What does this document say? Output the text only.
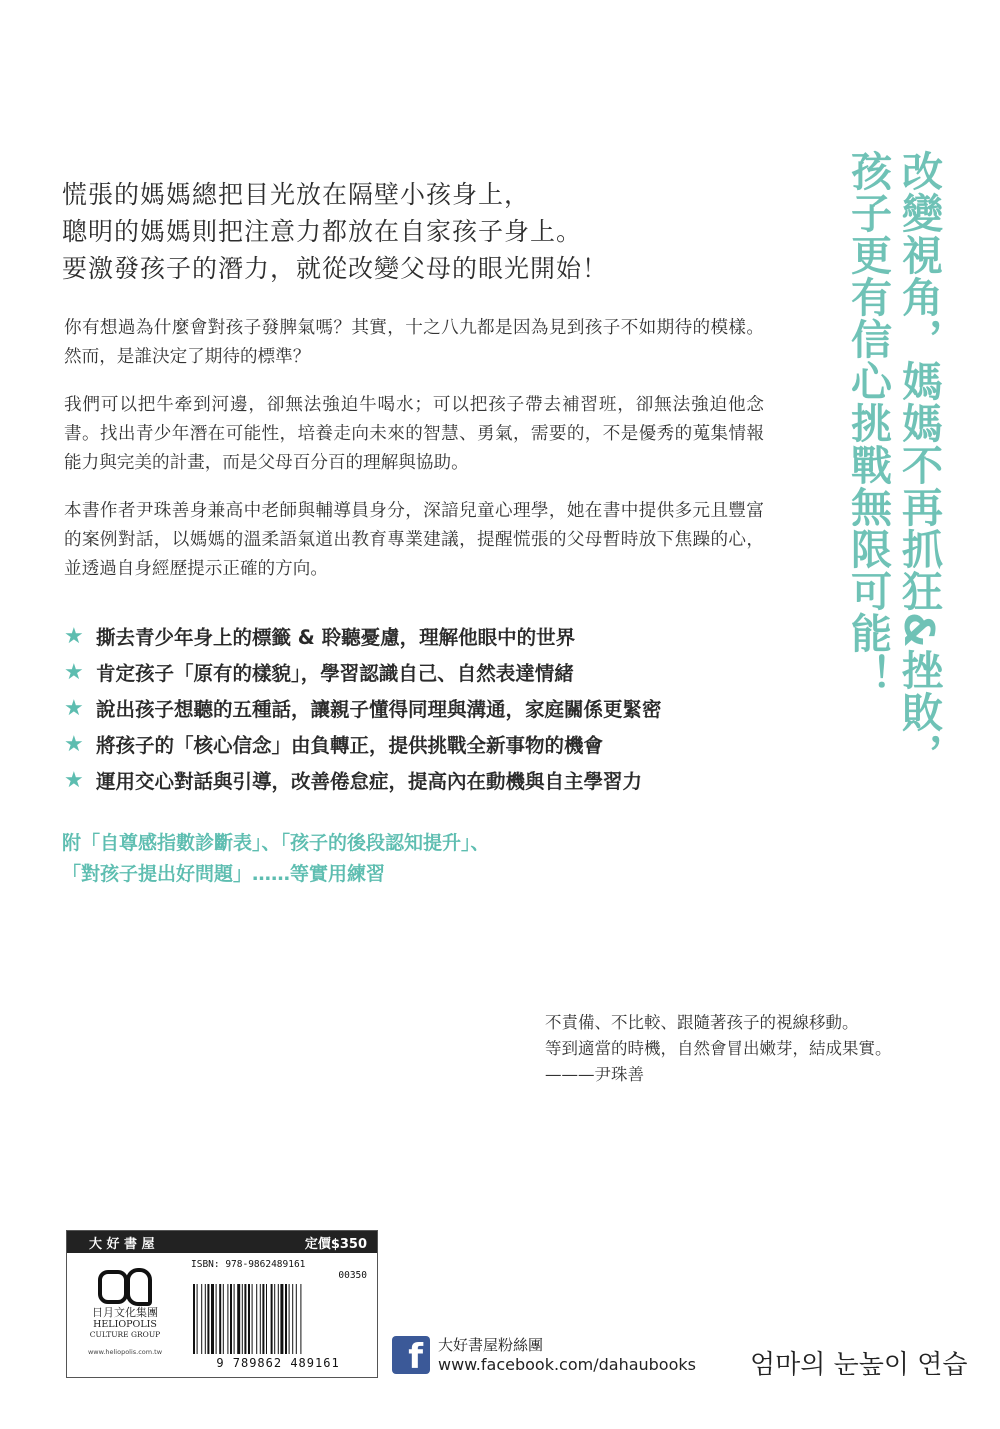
慌張的媽媽總把目光放在隔壁小孩身上，
聰明的媽媽則把注意力都放在自家孩子身上。
要激發孩子的潛力，就從改變父母的眼光開始！

你有想過為什麼會對孩子發脾氣嗎？其實，十之八九都是因為見到孩子不如期待的模樣。然而，是誰決定了期待的標準？

我們可以把牛牽到河邊，卻無法強迫牛喝水；可以把孩子帶去補習班，卻無法強迫他念書。找出青少年潛在可能性，培養走向未來的智慧、勇氣，需要的，不是優秀的蒐集情報能力與完美的計畫，而是父母百分百的理解與協助。

本書作者尹珠善身兼高中老師與輔導員身分，深諳兒童心理學，她在書中提供多元且豐富的案例對話，以媽媽的溫柔語氣道出教育專業建議，提醒慌張的父母暫時放下焦躁的心，並透過自身經歷提示正確的方向。	改變視角，媽媽不再抓狂&挫敗，
孩子更有信心挑戰無限可能！
★ 撕去青少年身上的標籤 & 聆聽憂慮，理解他眼中的世界
★ 肯定孩子「原有的樣貌」，學習認識自己、自然表達情緒
★ 說出孩子想聽的五種話，讓親子懂得同理與溝通，家庭關係更緊密
★ 將孩子的「核心信念」由負轉正，提供挑戰全新事物的機會
★ 運用交心對話與引導，改善倦怠症，提高內在動機與自主學習力
附「自尊感指數診斷表」、「孩子的後段認知提升」、
「對孩子提出好問題」……等實用練習
不責備、不比較、跟隨著孩子的視線移動。
等到適當的時機，自然會冒出嫩芽，結成果實。
———尹珠善
大 好 書 屋	定價$350
日月文化集團
HELIOPOLIS
CULTURE GROUP
www.heliopolis.com.tw
ISBN: 978-9862489161
00350
9 789862 489161	f 大好書屋粉絲團
www.facebook.com/dahaubooks 엄마의 눈높이 연습
